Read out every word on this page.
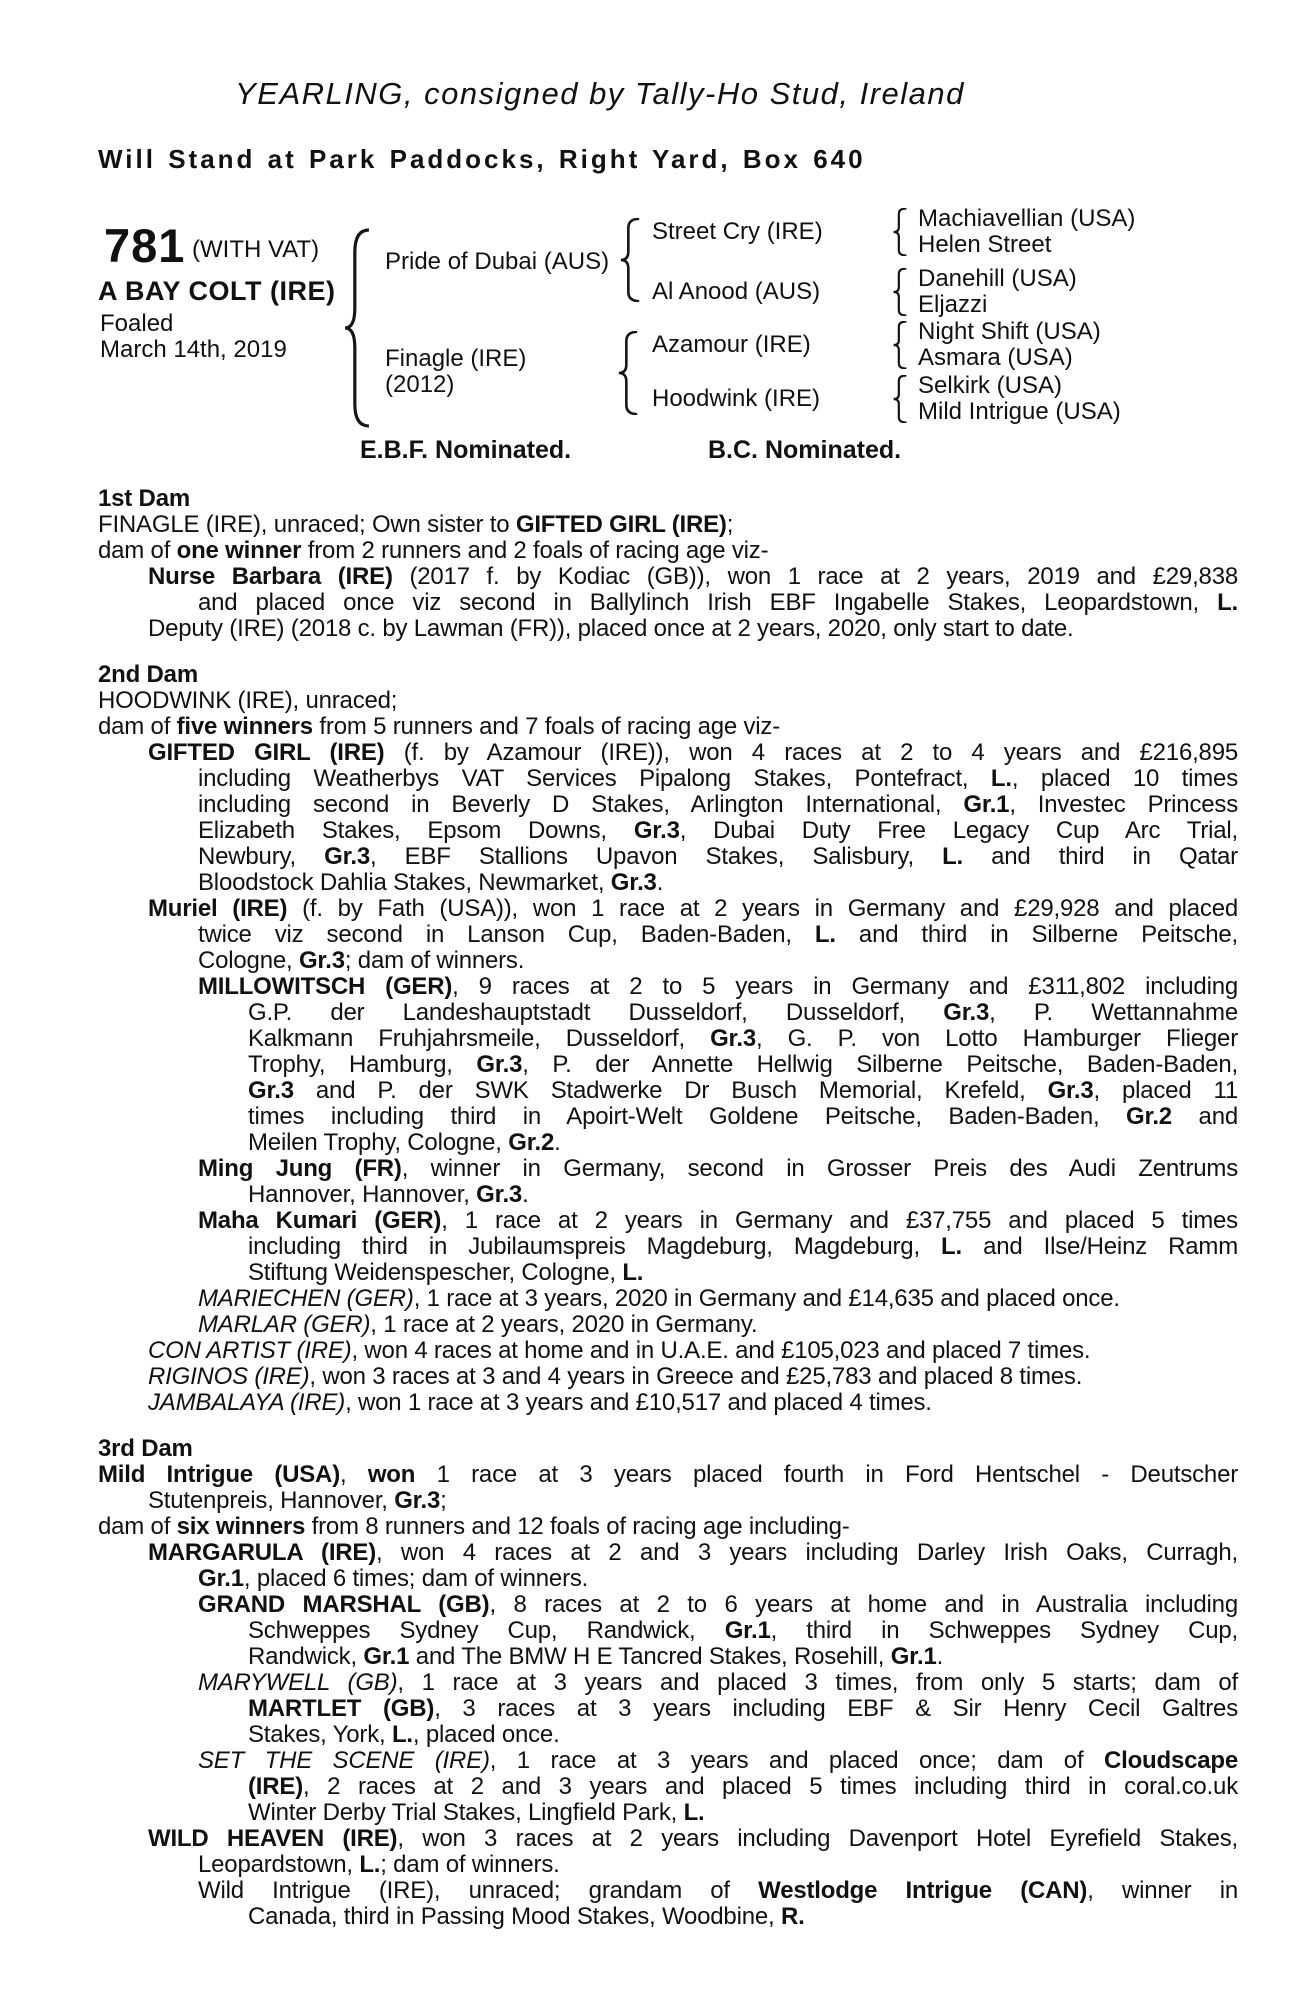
YEARLING, consigned by Tally-Ho Stud, Ireland
Will Stand at Park Paddocks, Right Yard, Box 640
781 (WITH VAT)
A BAY COLT (IRE)
Foaled
March 14th, 2019
Pride of Dubai (AUS)
Finagle (IRE)
(2012)
Street Cry (IRE)
Al Anood (AUS)
Azamour (IRE)
Hoodwink (IRE)
Machiavellian (USA)
Helen Street
Danehill (USA)
Eljazzi
Night Shift (USA)
Asmara (USA)
Selkirk (USA)
Mild Intrigue (USA)
E.B.F. Nominated.	B.C. Nominated.
1st Dam
FINAGLE (IRE), unraced; Own sister to GIFTED GIRL (IRE);
dam of one winner from 2 runners and 2 foals of racing age viz-
Nurse Barbara (IRE) (2017 f. by Kodiac (GB)), won 1 race at 2 years, 2019 and £29,838
and placed once viz second in Ballylinch Irish EBF Ingabelle Stakes, Leopardstown, L.
Deputy (IRE) (2018 c. by Lawman (FR)), placed once at 2 years, 2020, only start to date.
2nd Dam
HOODWINK (IRE), unraced;
dam of five winners from 5 runners and 7 foals of racing age viz-
GIFTED GIRL (IRE) (f. by Azamour (IRE)), won 4 races at 2 to 4 years and £216,895
including Weatherbys VAT Services Pipalong Stakes, Pontefract, L., placed 10 times
including second in Beverly D Stakes, Arlington International, Gr.1, Investec Princess
Elizabeth Stakes, Epsom Downs, Gr.3, Dubai Duty Free Legacy Cup Arc Trial,
Newbury, Gr.3, EBF Stallions Upavon Stakes, Salisbury, L. and third in Qatar
Bloodstock Dahlia Stakes, Newmarket, Gr.3.
Muriel (IRE) (f. by Fath (USA)), won 1 race at 2 years in Germany and £29,928 and placed
twice viz second in Lanson Cup, Baden-Baden, L. and third in Silberne Peitsche,
Cologne, Gr.3; dam of winners.
MILLOWITSCH (GER), 9 races at 2 to 5 years in Germany and £311,802 including
G.P. der Landeshauptstadt Dusseldorf, Dusseldorf, Gr.3, P. Wettannahme
Kalkmann Fruhjahrsmeile, Dusseldorf, Gr.3, G. P. von Lotto Hamburger Flieger
Trophy, Hamburg, Gr.3, P. der Annette Hellwig Silberne Peitsche, Baden-Baden,
Gr.3 and P. der SWK Stadwerke Dr Busch Memorial, Krefeld, Gr.3, placed 11
times including third in Apoirt-Welt Goldene Peitsche, Baden-Baden, Gr.2 and
Meilen Trophy, Cologne, Gr.2.
Ming Jung (FR), winner in Germany, second in Grosser Preis des Audi Zentrums
Hannover, Hannover, Gr.3.
Maha Kumari (GER), 1 race at 2 years in Germany and £37,755 and placed 5 times
including third in Jubilaumspreis Magdeburg, Magdeburg, L. and Ilse/Heinz Ramm
Stiftung Weidenspescher, Cologne, L.
MARIECHEN (GER), 1 race at 3 years, 2020 in Germany and £14,635 and placed once.
MARLAR (GER), 1 race at 2 years, 2020 in Germany.
CON ARTIST (IRE), won 4 races at home and in U.A.E. and £105,023 and placed 7 times.
RIGINOS (IRE), won 3 races at 3 and 4 years in Greece and £25,783 and placed 8 times.
JAMBALAYA (IRE), won 1 race at 3 years and £10,517 and placed 4 times.
3rd Dam
Mild Intrigue (USA), won 1 race at 3 years placed fourth in Ford Hentschel - Deutscher
Stutenpreis, Hannover, Gr.3;
dam of six winners from 8 runners and 12 foals of racing age including-
MARGARULA (IRE), won 4 races at 2 and 3 years including Darley Irish Oaks, Curragh,
Gr.1, placed 6 times; dam of winners.
GRAND MARSHAL (GB), 8 races at 2 to 6 years at home and in Australia including
Schweppes Sydney Cup, Randwick, Gr.1, third in Schweppes Sydney Cup,
Randwick, Gr.1 and The BMW H E Tancred Stakes, Rosehill, Gr.1.
MARYWELL (GB), 1 race at 3 years and placed 3 times, from only 5 starts; dam of
MARTLET (GB), 3 races at 3 years including EBF & Sir Henry Cecil Galtres
Stakes, York, L., placed once.
SET THE SCENE (IRE), 1 race at 3 years and placed once; dam of Cloudscape
(IRE), 2 races at 2 and 3 years and placed 5 times including third in coral.co.uk
Winter Derby Trial Stakes, Lingfield Park, L.
WILD HEAVEN (IRE), won 3 races at 2 years including Davenport Hotel Eyrefield Stakes,
Leopardstown, L.; dam of winners.
Wild Intrigue (IRE), unraced; grandam of Westlodge Intrigue (CAN), winner in
Canada, third in Passing Mood Stakes, Woodbine, R.
